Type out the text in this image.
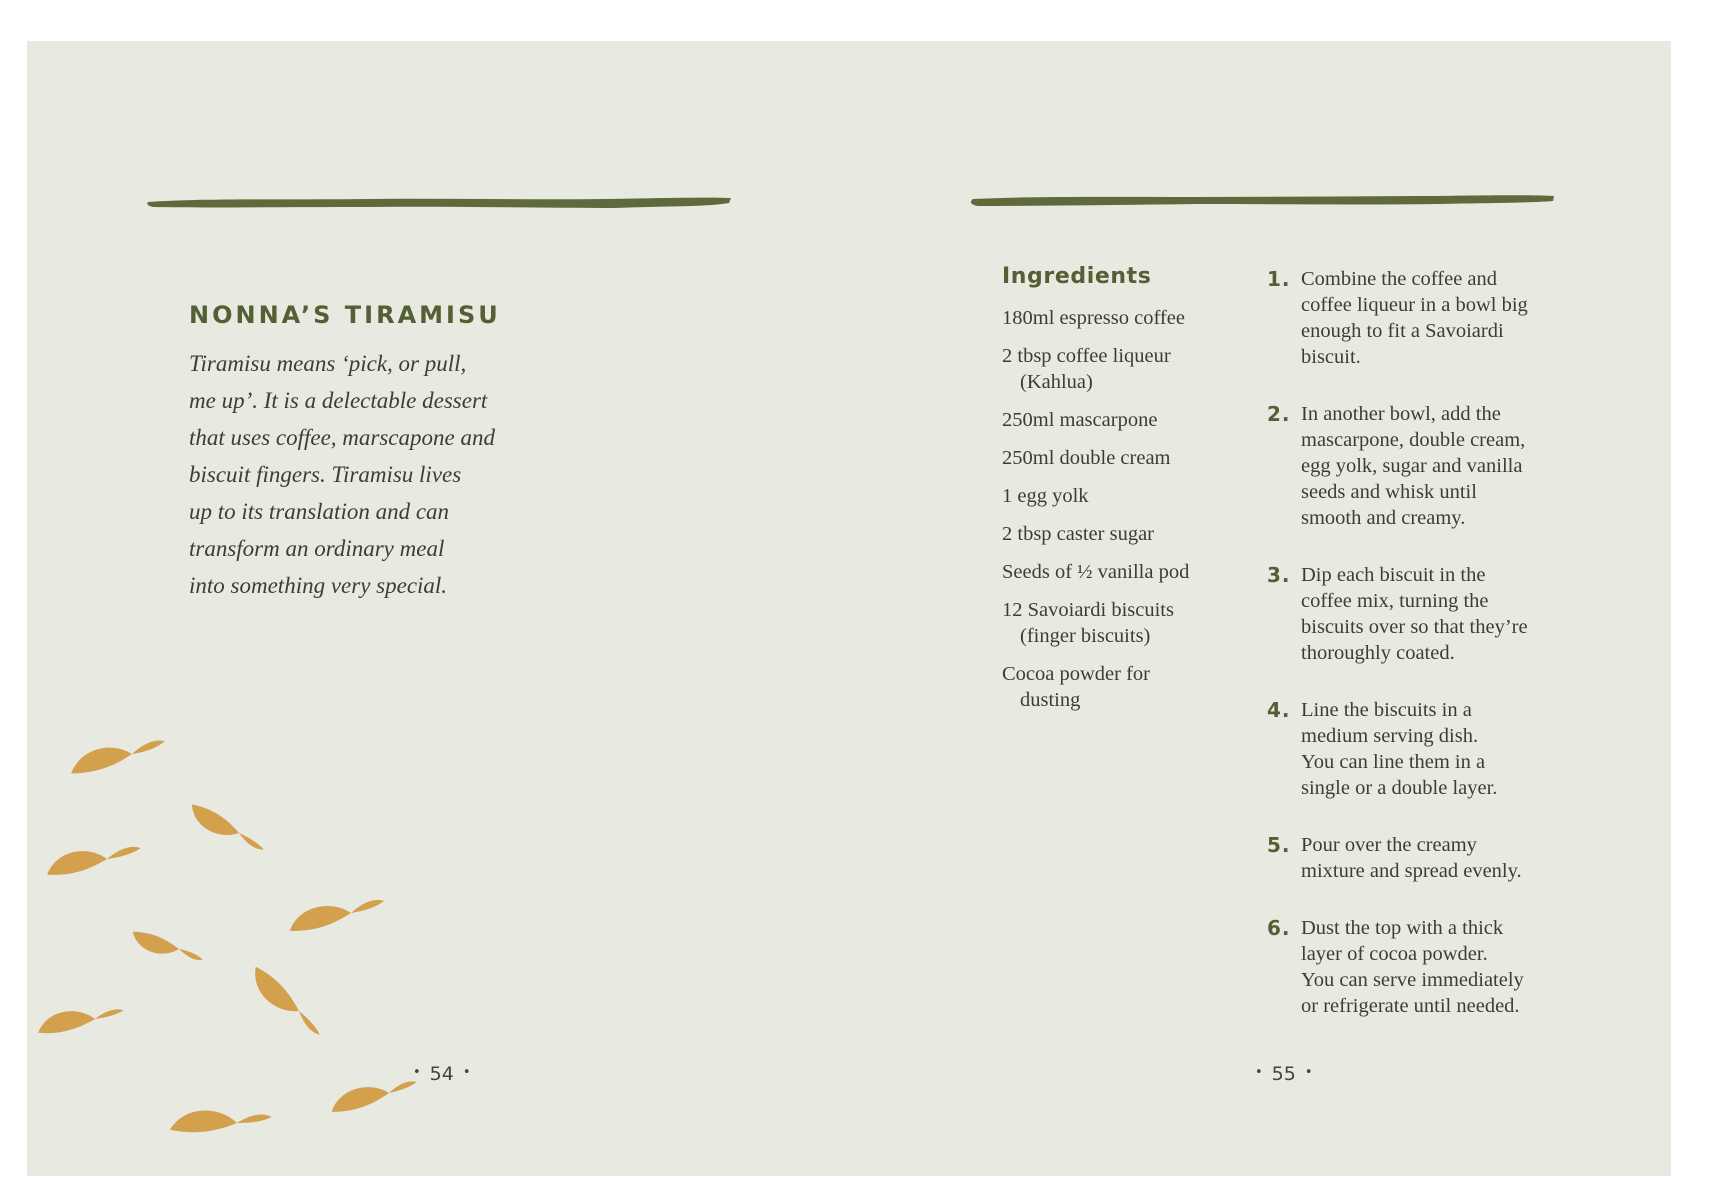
NONNA’S TIRAMISU

Tiramisu means ‘pick, or pull,
me up’. It is a delectable dessert
that uses coffee, marscapone and
biscuit fingers. Tiramisu lives
up to its translation and can
transform an ordinary meal
into something very special.

• 54 •
Ingredients
180ml espresso coffee
2 tbsp coffee liqueur
(Kahlua)
250ml mascarpone
250ml double cream
1 egg yolk
2 tbsp caster sugar
Seeds of ½ vanilla pod
12 Savoiardi biscuits
(finger biscuits)
Cocoa powder for
dusting
1. Combine the coffee and
coffee liqueur in a bowl big
enough to fit a Savoiardi
biscuit.
2. In another bowl, add the
mascarpone, double cream,
egg yolk, sugar and vanilla
seeds and whisk until
smooth and creamy.
3. Dip each biscuit in the
coffee mix, turning the
biscuits over so that they’re
thoroughly coated.
4. Line the biscuits in a
medium serving dish.
You can line them in a
single or a double layer.
5. Pour over the creamy
mixture and spread evenly.
6. Dust the top with a thick
layer of cocoa powder.
You can serve immediately
or refrigerate until needed.
• 55 •
